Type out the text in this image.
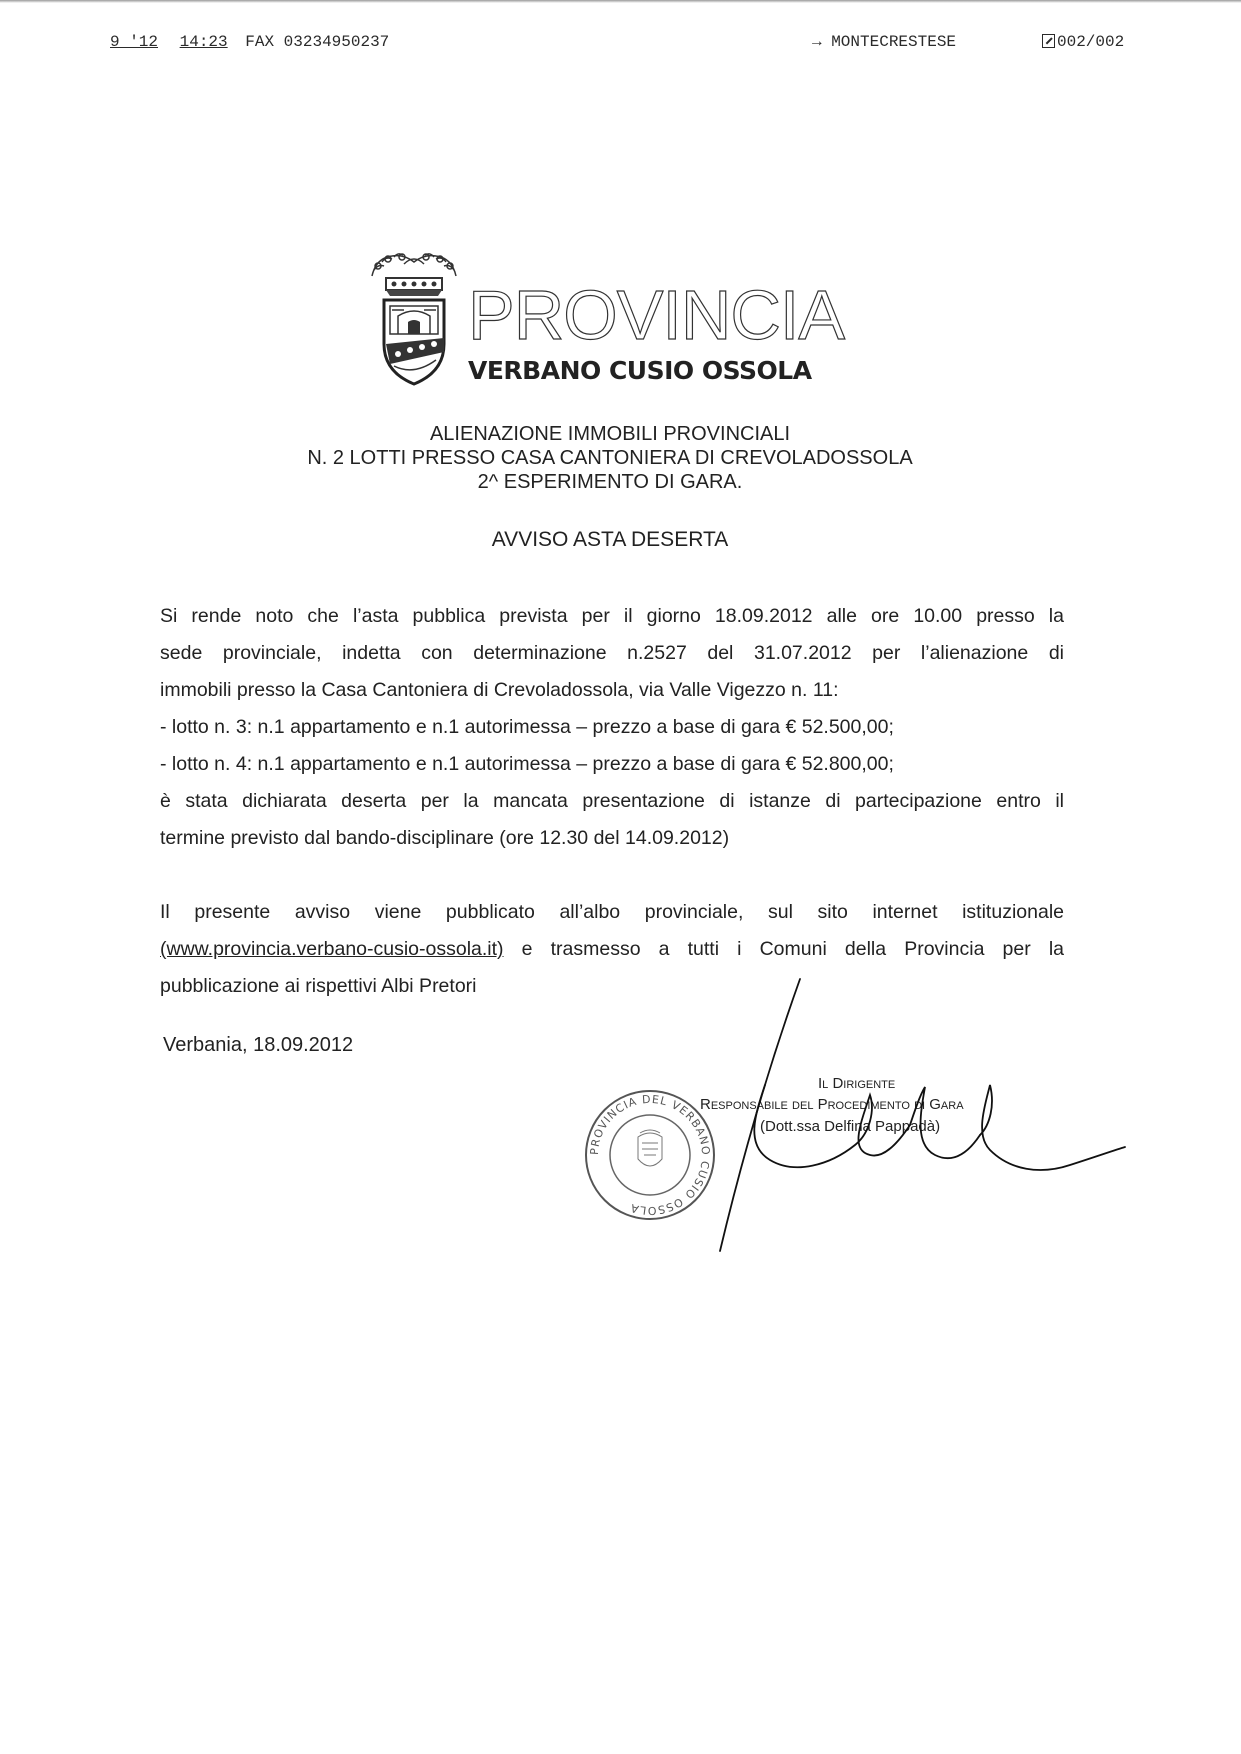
9 '12 14:23 FAX 03234950237	→ MONTECRESTESE	002/002
PROVINCIA
VERBANO CUSIO OSSOLA
ALIENAZIONE IMMOBILI PROVINCIALI
N. 2 LOTTI PRESSO CASA CANTONIERA DI CREVOLADOSSOLA
2^ ESPERIMENTO DI GARA.
AVVISO ASTA DESERTA
Si rende noto che l’asta pubblica prevista per il giorno 18.09.2012 alle ore 10.00 presso la
sede provinciale, indetta con determinazione n.2527 del 31.07.2012 per l’alienazione di
immobili presso la Casa Cantoniera di Crevoladossola, via Valle Vigezzo n. 11:
- lotto n. 3: n.1 appartamento e n.1 autorimessa – prezzo a base di gara € 52.500,00;
- lotto n. 4: n.1 appartamento e n.1 autorimessa – prezzo a base di gara € 52.800,00;
è stata dichiarata deserta per la mancata presentazione di istanze di partecipazione entro il
termine previsto dal bando-disciplinare (ore 12.30 del 14.09.2012)
Il presente avviso viene pubblicato all’albo provinciale, sul sito internet istituzionale
(www.provincia.verbano-cusio-ossola.it) e trasmesso a tutti i Comuni della Provincia per la
pubblicazione ai rispettivi Albi Pretori
Verbania, 18.09.2012
PROVINCIA DEL VERBANO CUSIO OSSOLA
Il Dirigente
Responsabile del Procedimento di Gara
(Dott.ssa Delfina Pappadà)
